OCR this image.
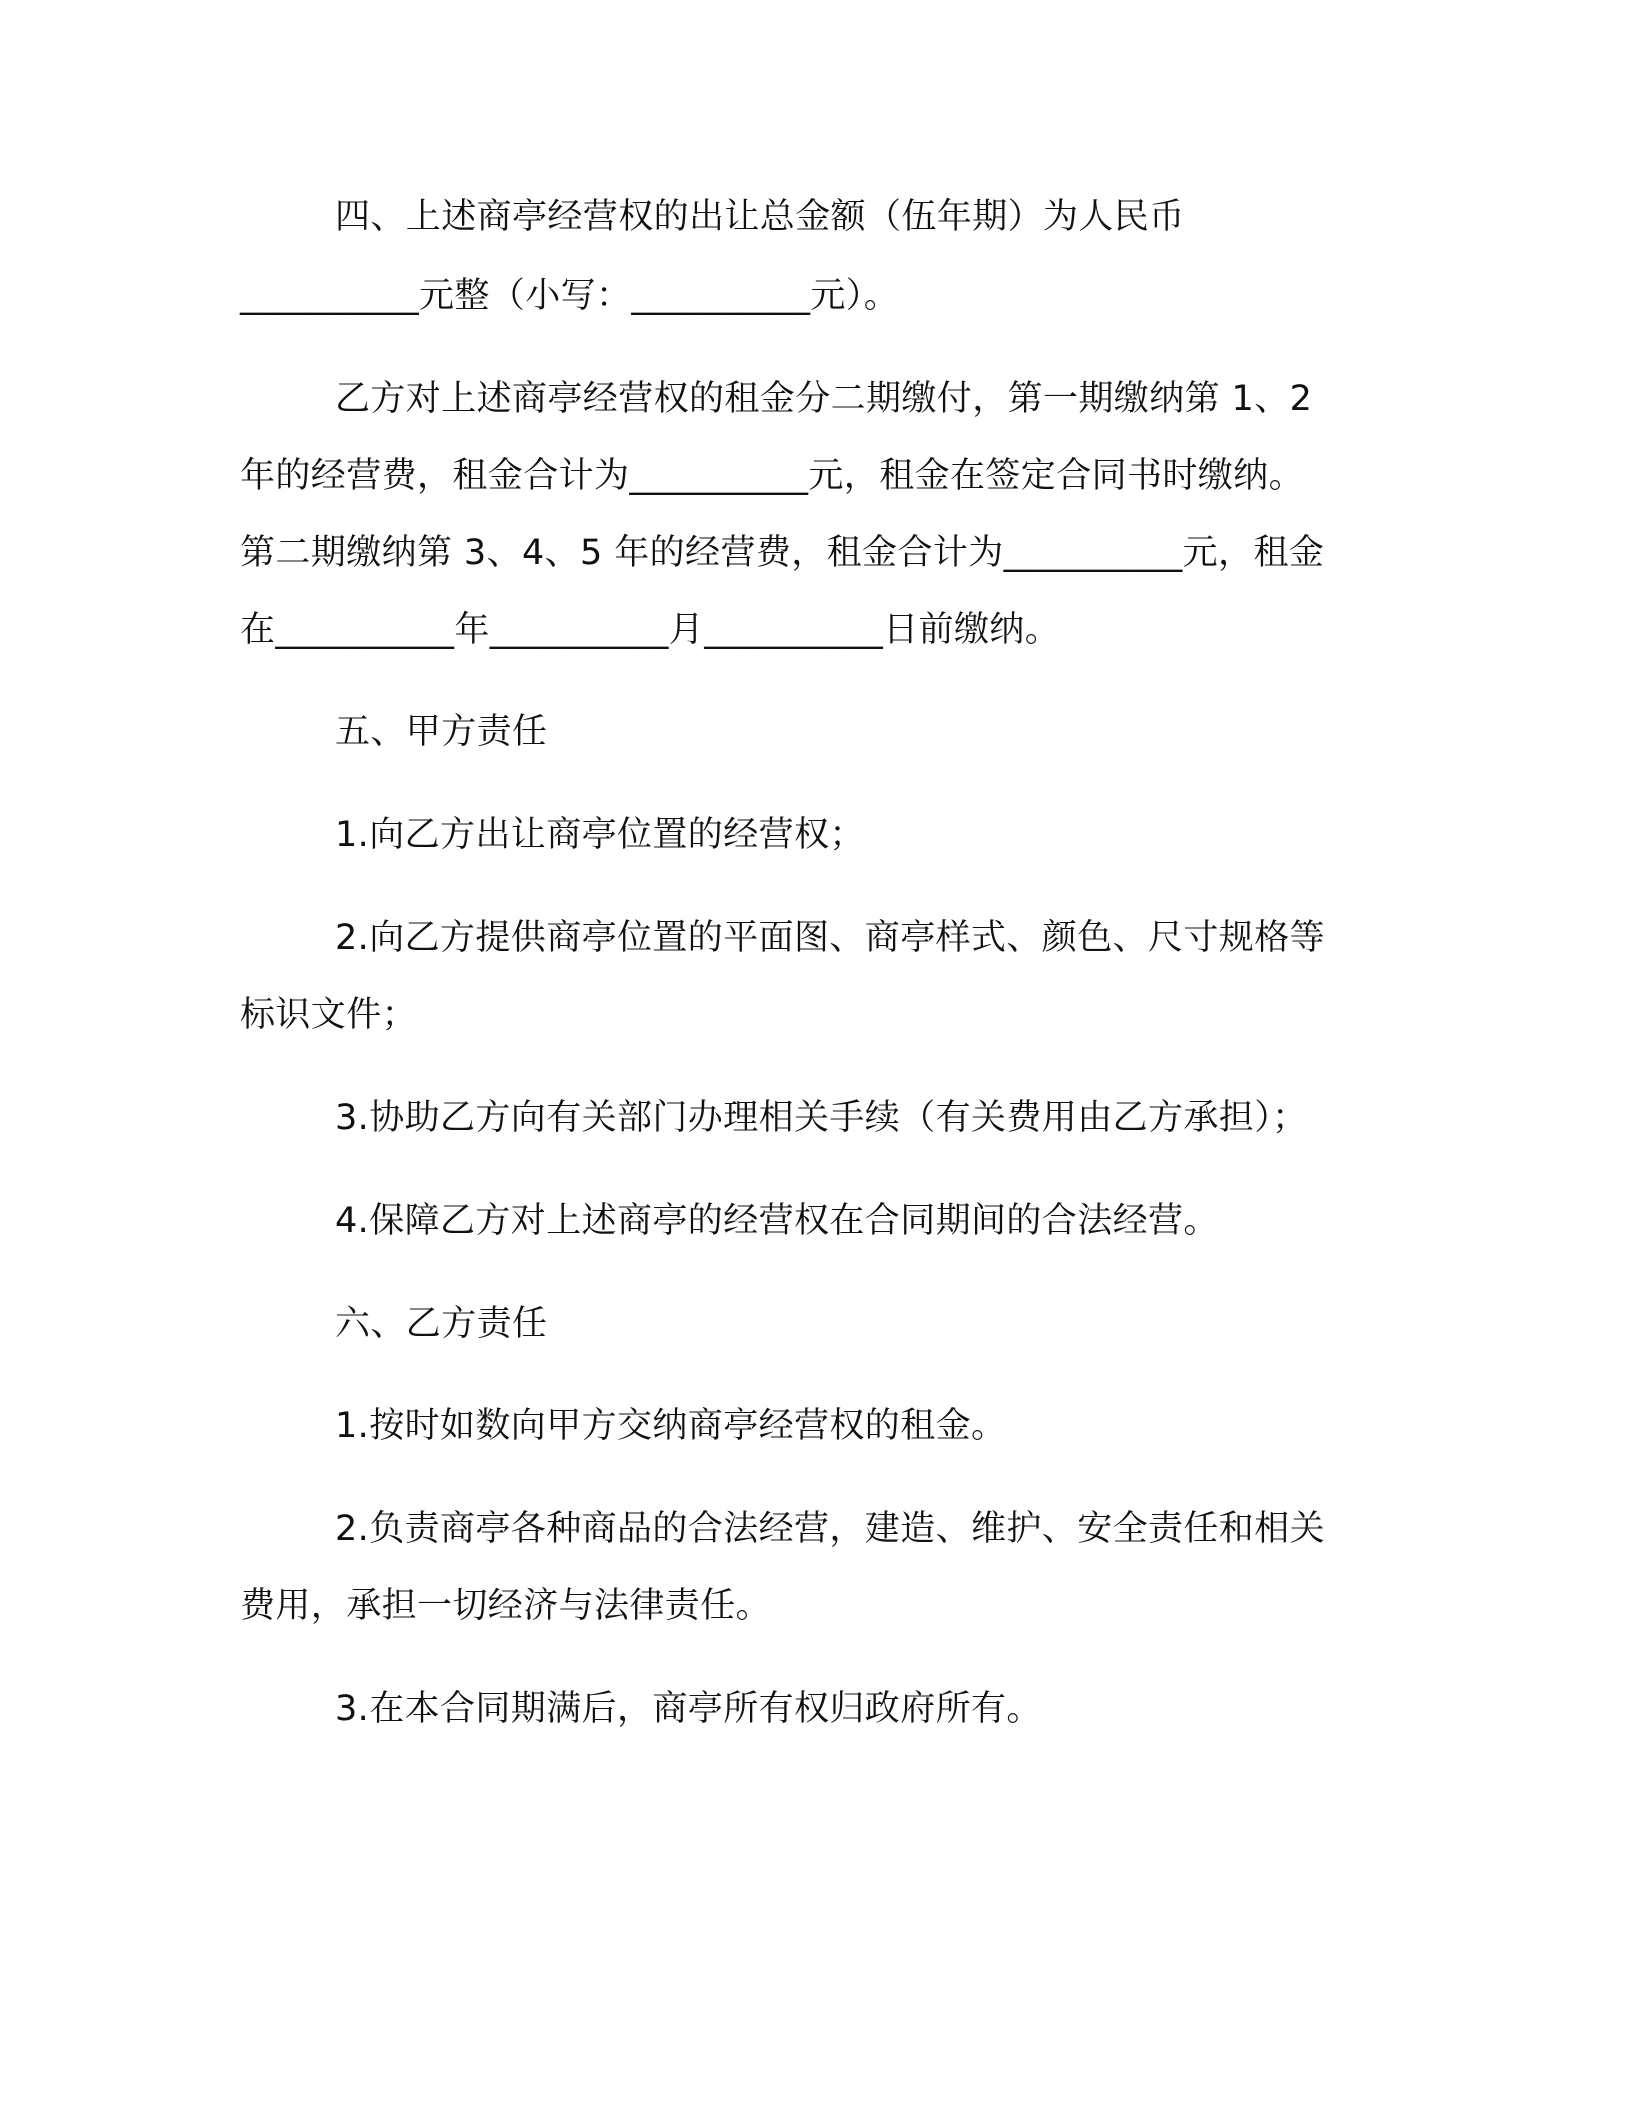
四、上述商亭经营权的出让总金额（伍年期）为人民币
__________元整（小写：__________元）。
乙方对上述商亭经营权的租金分二期缴付，第一期缴纳第 1、2
年的经营费，租金合计为__________元，租金在签定合同书时缴纳。
第二期缴纳第 3、4、5 年的经营费，租金合计为__________元，租金
在__________年__________月__________日前缴纳。
五、甲方责任
1.向乙方出让商亭位置的经营权；
2.向乙方提供商亭位置的平面图、商亭样式、颜色、尺寸规格等
标识文件；
3.协助乙方向有关部门办理相关手续（有关费用由乙方承担）；
4.保障乙方对上述商亭的经营权在合同期间的合法经营。
六、乙方责任
1.按时如数向甲方交纳商亭经营权的租金。
2.负责商亭各种商品的合法经营，建造、维护、安全责任和相关
费用，承担一切经济与法律责任。
3.在本合同期满后，商亭所有权归政府所有。
